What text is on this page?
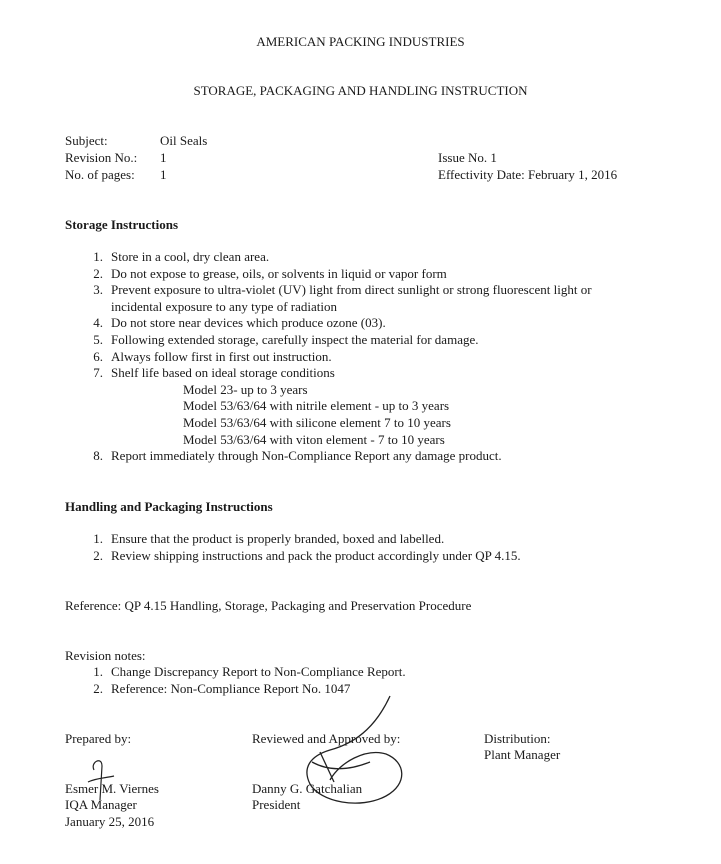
AMERICAN PACKING INDUSTRIES
STORAGE, PACKAGING AND HANDLING INSTRUCTION
Subject:	Oil Seals
Revision No.: 1
No. of pages: 1
Issue No. 1
Effectivity Date: February 1, 2016
Storage Instructions
1. Store in a cool, dry clean area.
2. Do not expose to grease, oils, or solvents in liquid or vapor form
3. Prevent exposure to ultra-violet (UV) light from direct sunlight or strong fluorescent light or
incidental exposure to any type of radiation
4. Do not store near devices which produce ozone (03).
5. Following extended storage, carefully inspect the material for damage.
6. Always follow first in first out instruction.
7. Shelf life based on ideal storage conditions
Model 23- up to 3 years
Model 53/63/64 with nitrile element - up to 3 years
Model 53/63/64 with silicone element 7 to 10 years
Model 53/63/64 with viton element - 7 to 10 years
8. Report immediately through Non-Compliance Report any damage product.
Handling and Packaging Instructions
1. Ensure that the product is properly branded, boxed and labelled.
2. Review shipping instructions and pack the product accordingly under QP 4.15.
Reference: QP 4.15 Handling, Storage, Packaging and Preservation Procedure
Revision notes:
1. Change Discrepancy Report to Non-Compliance Report.
2. Reference: Non-Compliance Report No. 1047
Prepared by:
Esmer M. Viernes
IQA Manager
January 25, 2016
Reviewed and Approved by:
Danny G. Gatchalian
President
Distribution:
Plant Manager
